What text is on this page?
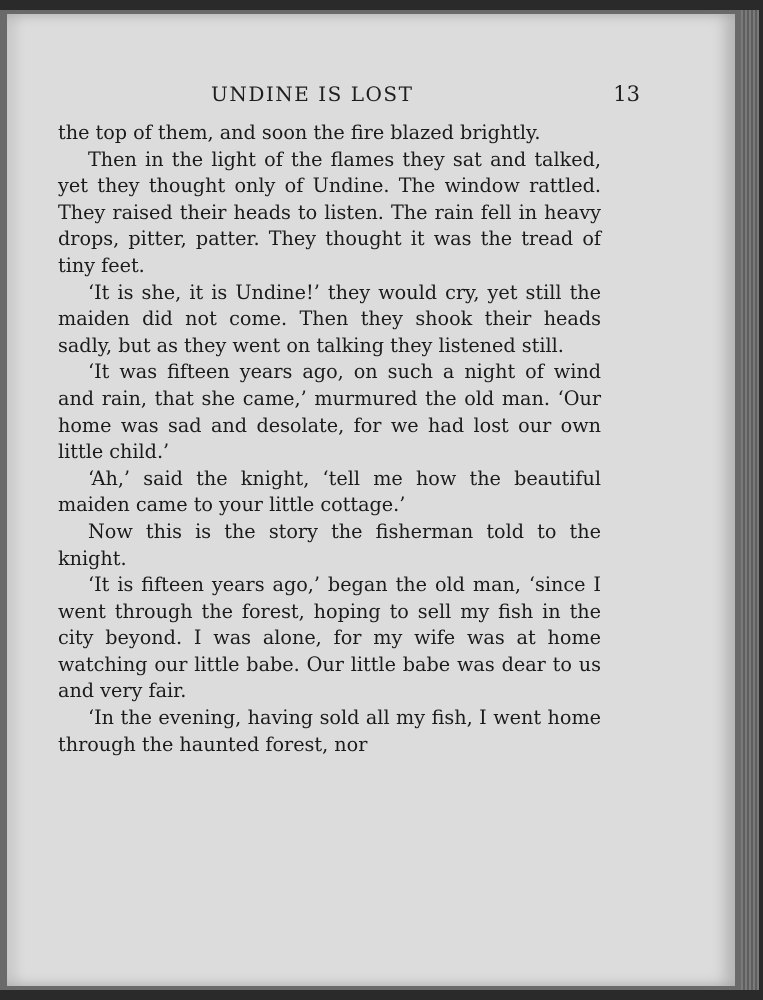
UNDINE IS LOST	13

the top of them, and soon the fire blazed brightly.

Then in the light of the flames they sat and talked, yet they thought only of Undine. The window rattled. They raised their heads to listen. The rain fell in heavy drops, pitter, patter. They thought it was the tread of tiny feet.

‘It is she, it is Undine!’ they would cry, yet still the maiden did not come. Then they shook their heads sadly, but as they went on talking they listened still.

‘It was fifteen years ago, on such a night of wind and rain, that she came,’ murmured the old man. ‘Our home was sad and desolate, for we had lost our own little child.’

‘Ah,’ said the knight, ‘tell me how the beautiful maiden came to your little cottage.’

Now this is the story the fisherman told to the knight.

‘It is fifteen years ago,’ began the old man, ‘since I went through the forest, hoping to sell my fish in the city beyond. I was alone, for my wife was at home watching our little babe. Our little babe was dear to us and very fair.

‘In the evening, having sold all my fish, I went home through the haunted forest, nor
